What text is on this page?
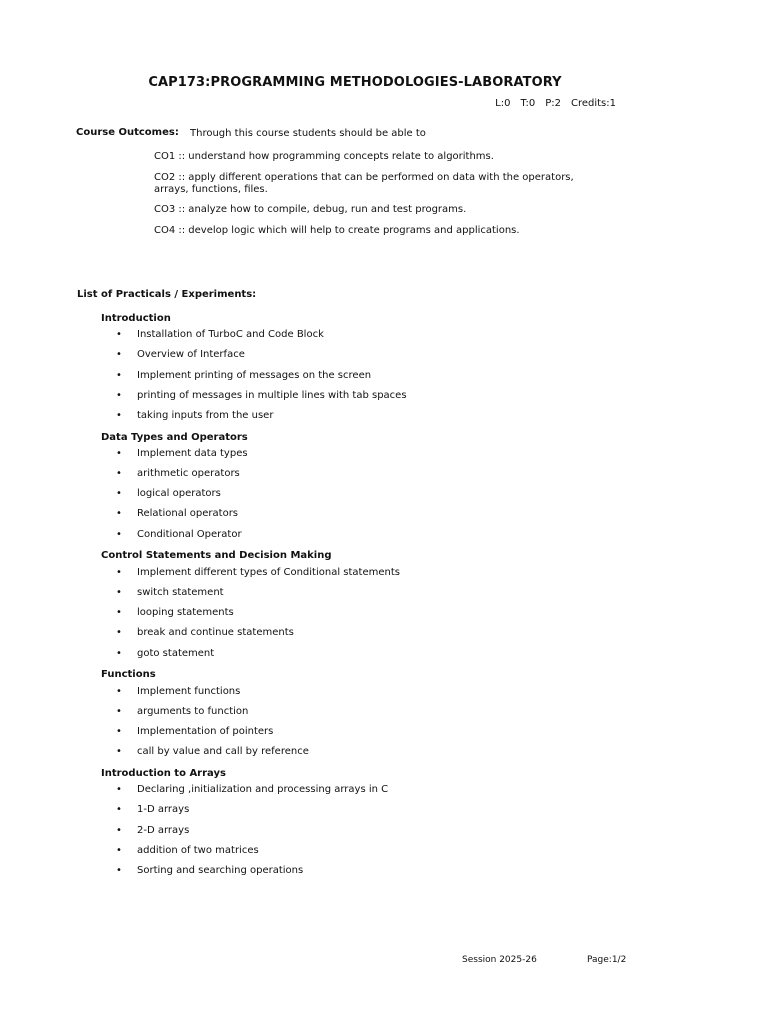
CAP173:PROGRAMMING METHODOLOGIES-LABORATORY
L:0 T:0 P:2 Credits:1
Course Outcomes: Through this course students should be able to
CO1 :: understand how programming concepts relate to algorithms.
CO2 :: apply different operations that can be performed on data with the operators, arrays, functions, files.
CO3 :: analyze how to compile, debug, run and test programs.
CO4 :: develop logic which will help to create programs and applications.
List of Practicals / Experiments:
Introduction
• Installation of TurboC and Code Block
• Overview of Interface
• Implement printing of messages on the screen
• printing of messages in multiple lines with tab spaces
• taking inputs from the user
Data Types and Operators
• Implement data types
• arithmetic operators
• logical operators
• Relational operators
• Conditional Operator
Control Statements and Decision Making
• Implement different types of Conditional statements
• switch statement
• looping statements
• break and continue statements
• goto statement
Functions
• Implement functions
• arguments to function
• Implementation of pointers
• call by value and call by reference
Introduction to Arrays
• Declaring ,initialization and processing arrays in C
• 1-D arrays
• 2-D arrays
• addition of two matrices
• Sorting and searching operations
Session 2025-26	Page:1/2
